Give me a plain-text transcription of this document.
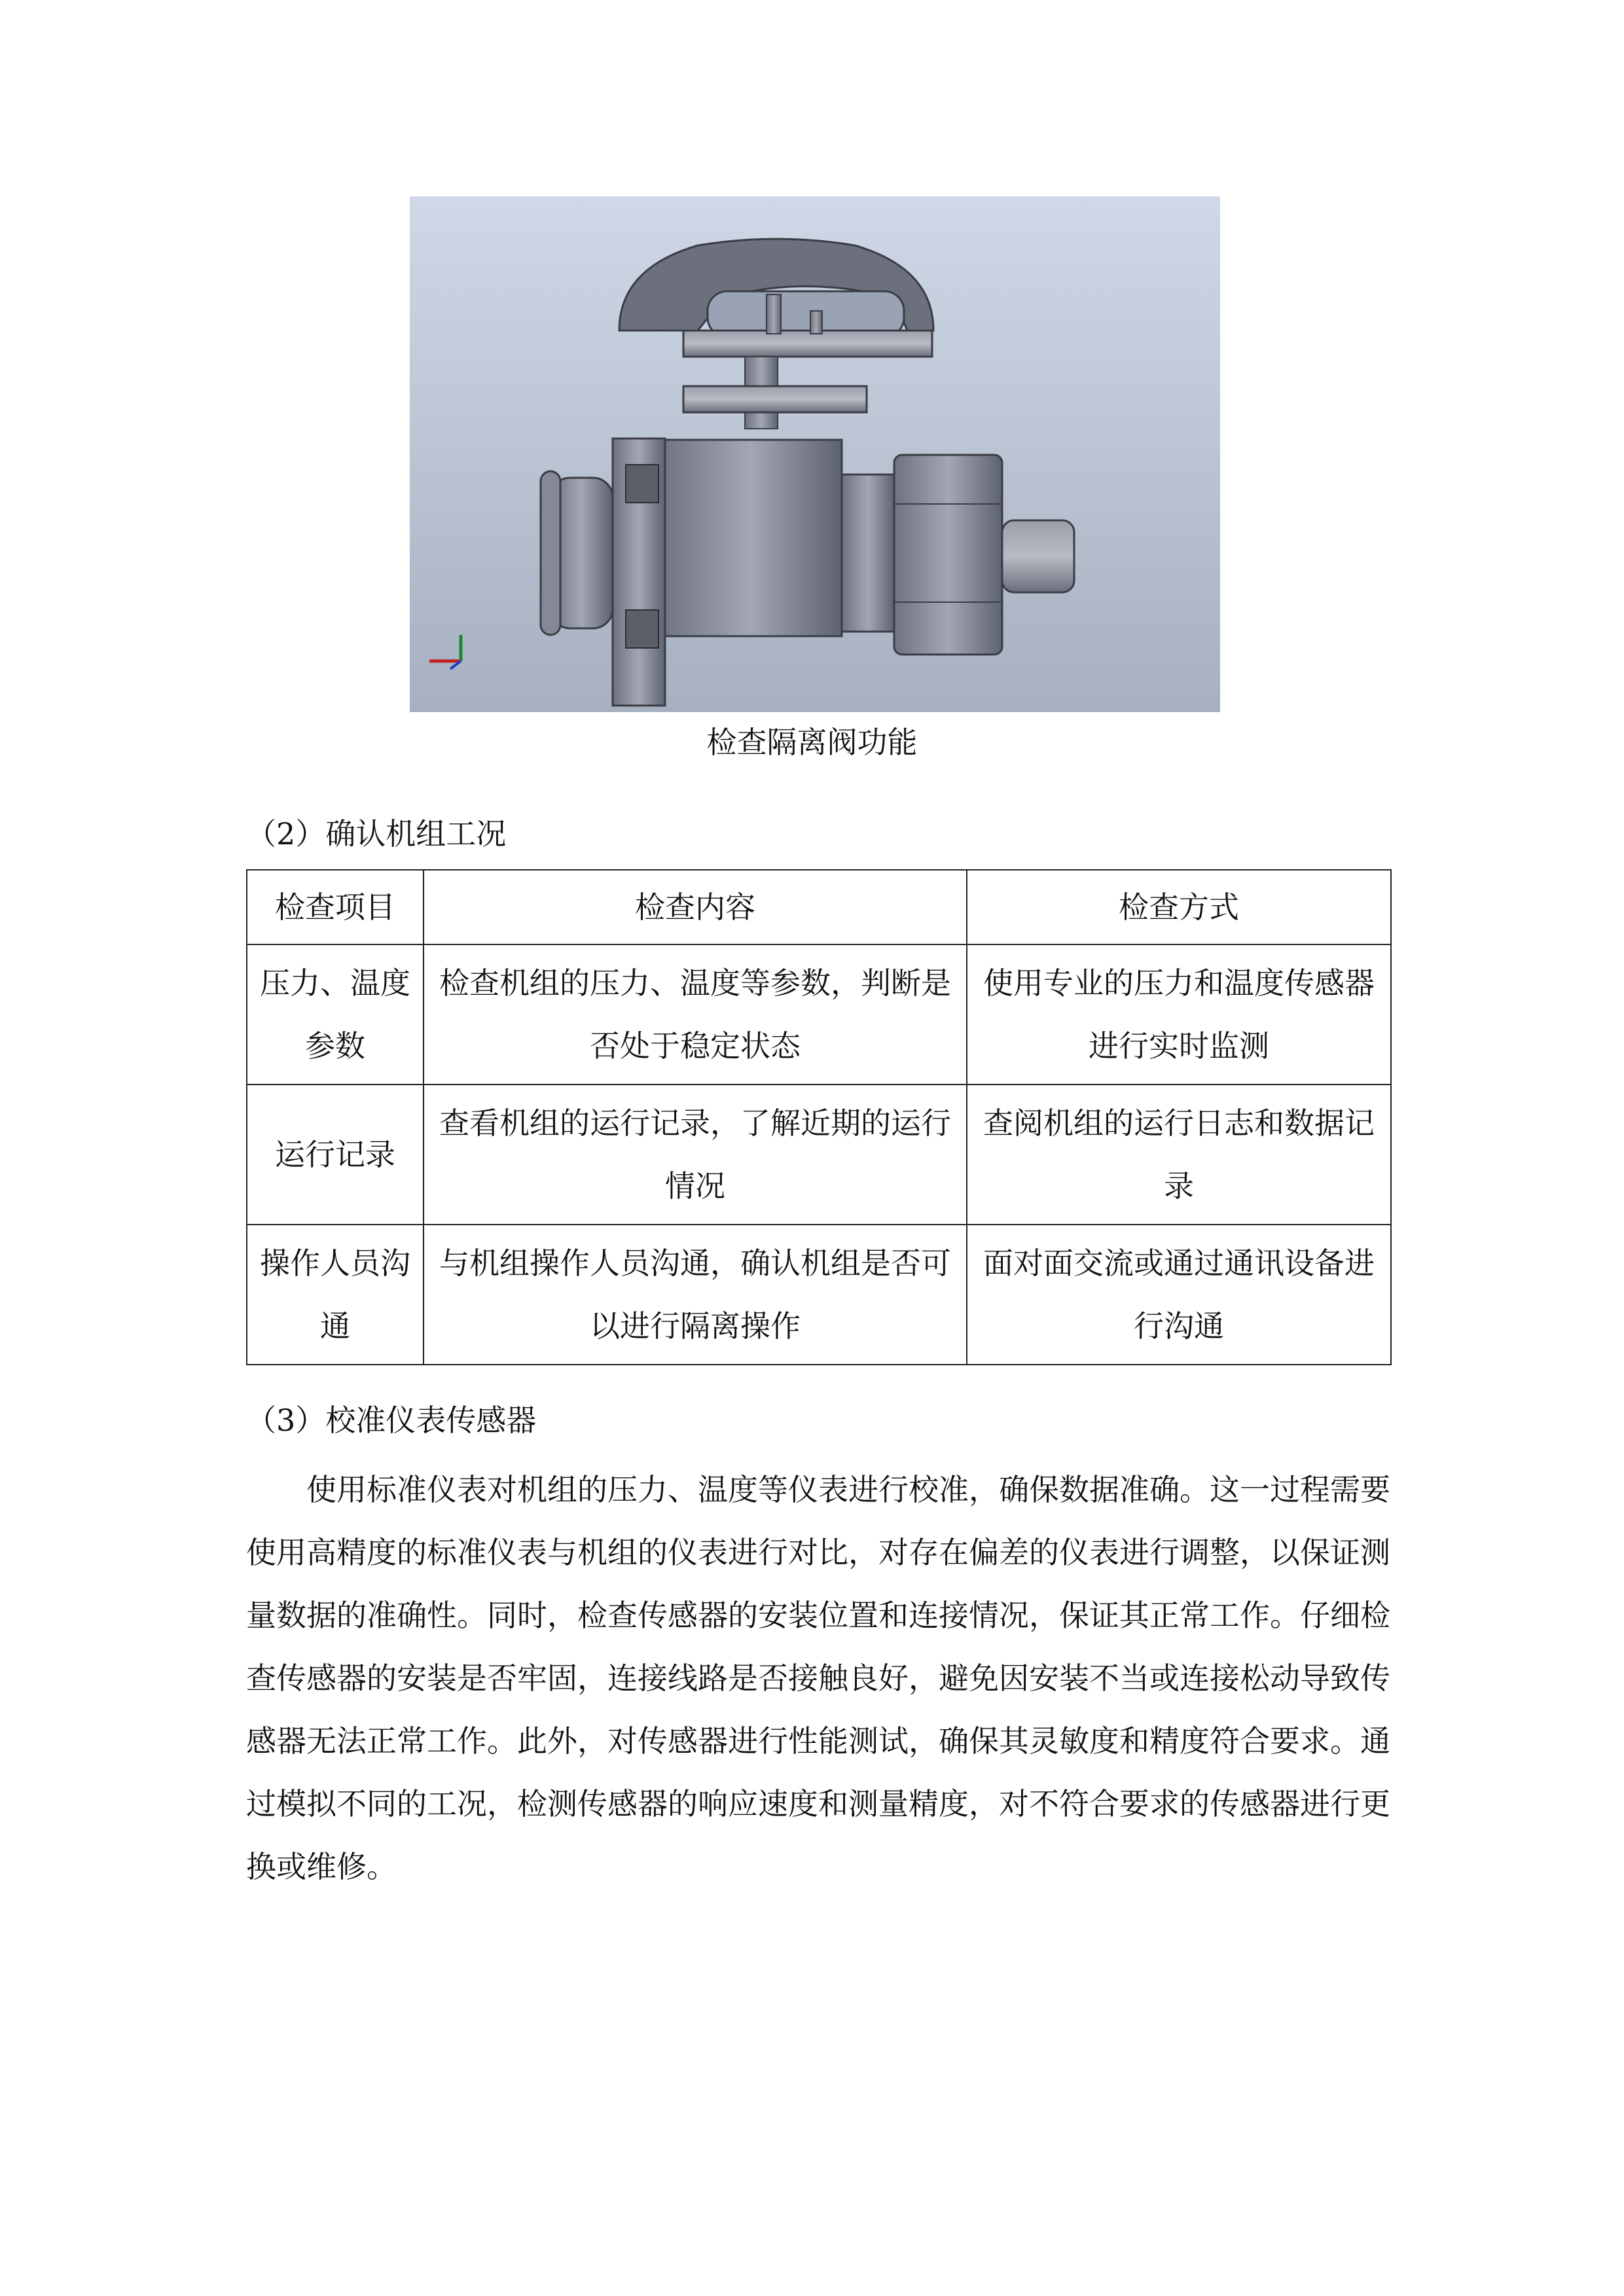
检查隔离阀功能
（2）确认机组工况
检查项目	检查内容	检查方式
压力、温度参数	检查机组的压力、温度等参数，判断是否处于稳定状态	使用专业的压力和温度传感器进行实时监测
运行记录	查看机组的运行记录，了解近期的运行情况	查阅机组的运行日志和数据记录
操作人员沟通	与机组操作人员沟通，确认机组是否可以进行隔离操作	面对面交流或通过通讯设备进行沟通
（3）校准仪表传感器

使用标准仪表对机组的压力、温度等仪表进行校准，确保数据准确。这一过程需要使用高精度的标准仪表与机组的仪表进行对比，对存在偏差的仪表进行调整，以保证测量数据的准确性。同时，检查传感器的安装位置和连接情况，保证其正常工作。仔细检查传感器的安装是否牢固，连接线路是否接触良好，避免因安装不当或连接松动导致传感器无法正常工作。此外，对传感器进行性能测试，确保其灵敏度和精度符合要求。通过模拟不同的工况，检测传感器的响应速度和测量精度，对不符合要求的传感器进行更换或维修。
